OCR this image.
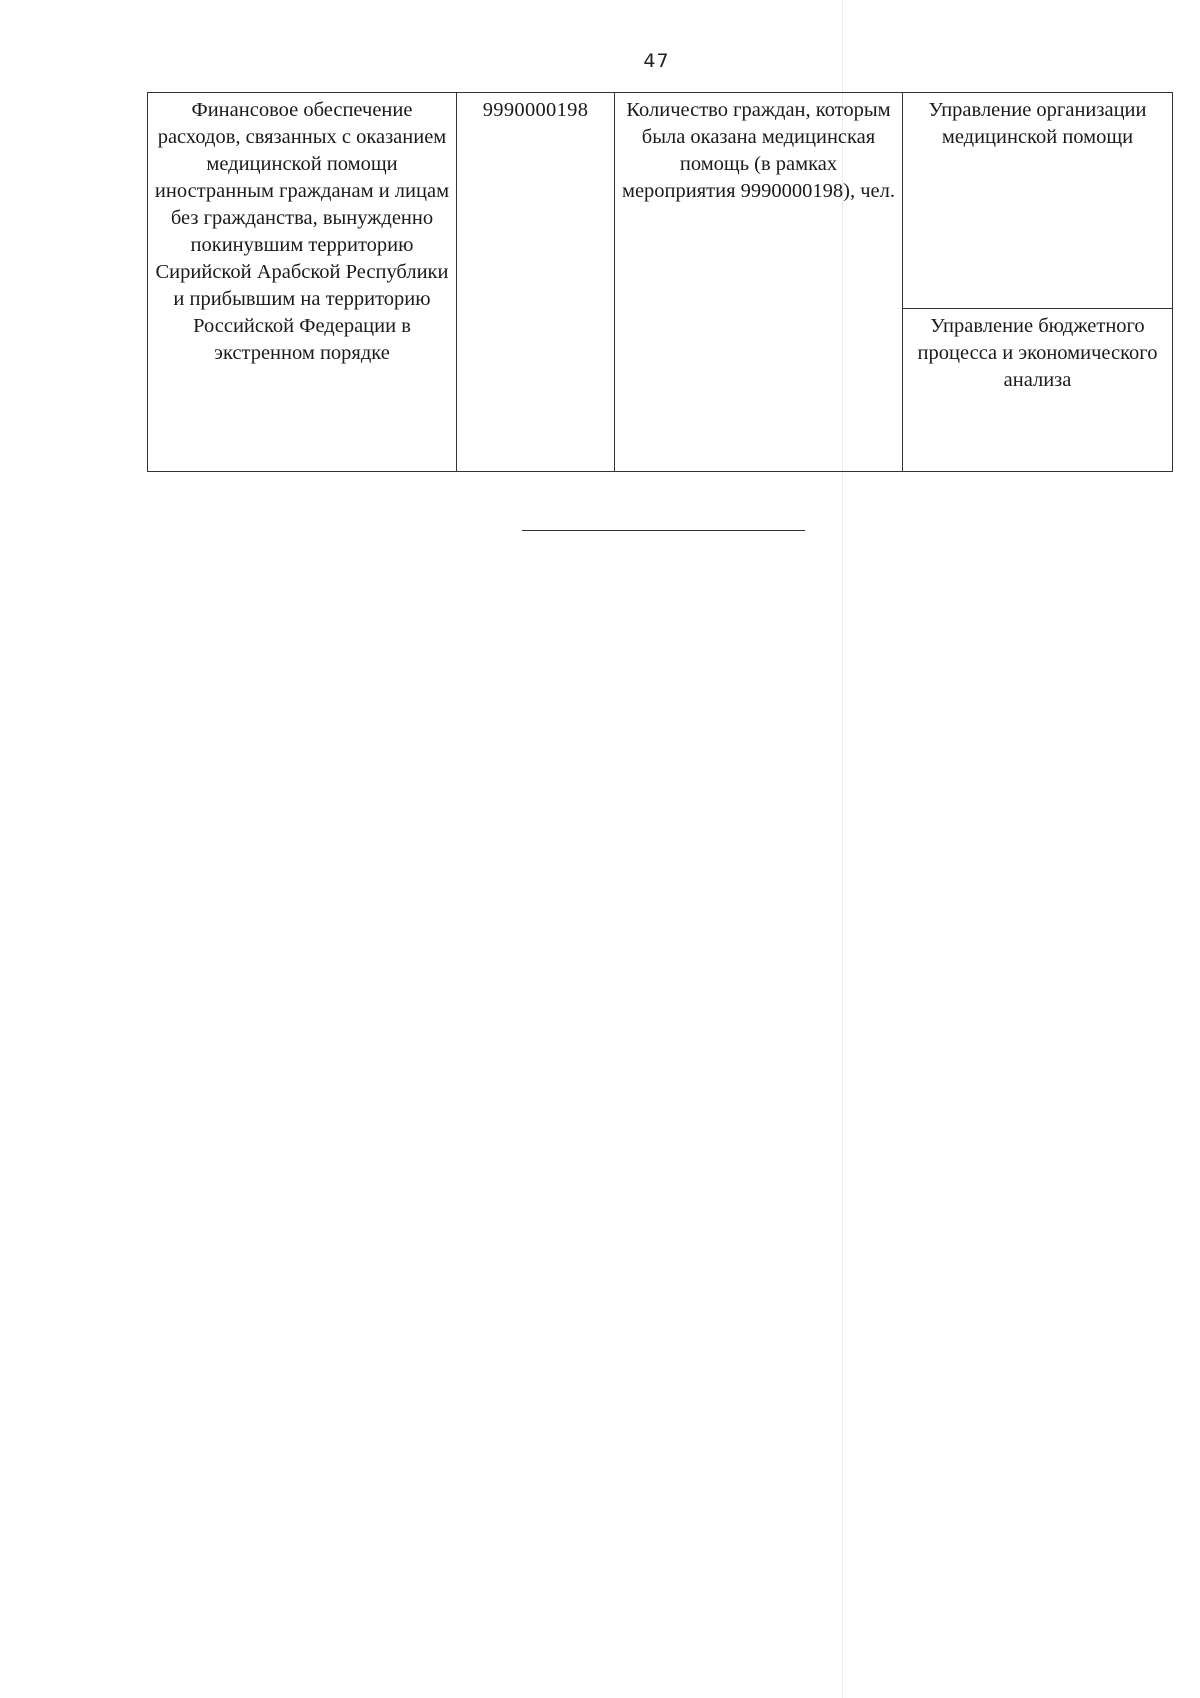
47
Финансовое обеспечение расходов, связанных с оказанием медицинской помощи иностранным гражданам и лицам без гражданства, вынужденно покинувшим территорию Сирийской Арабской Республики и прибывшим на территорию Российской Федерации в экстренном порядке	9990000198	Количество граждан, которым была оказана медицинская помощь (в рамках мероприятия 9990000198), чел.	Управление организации медицинской помощи
Управление бюджетного процесса и экономического анализа
